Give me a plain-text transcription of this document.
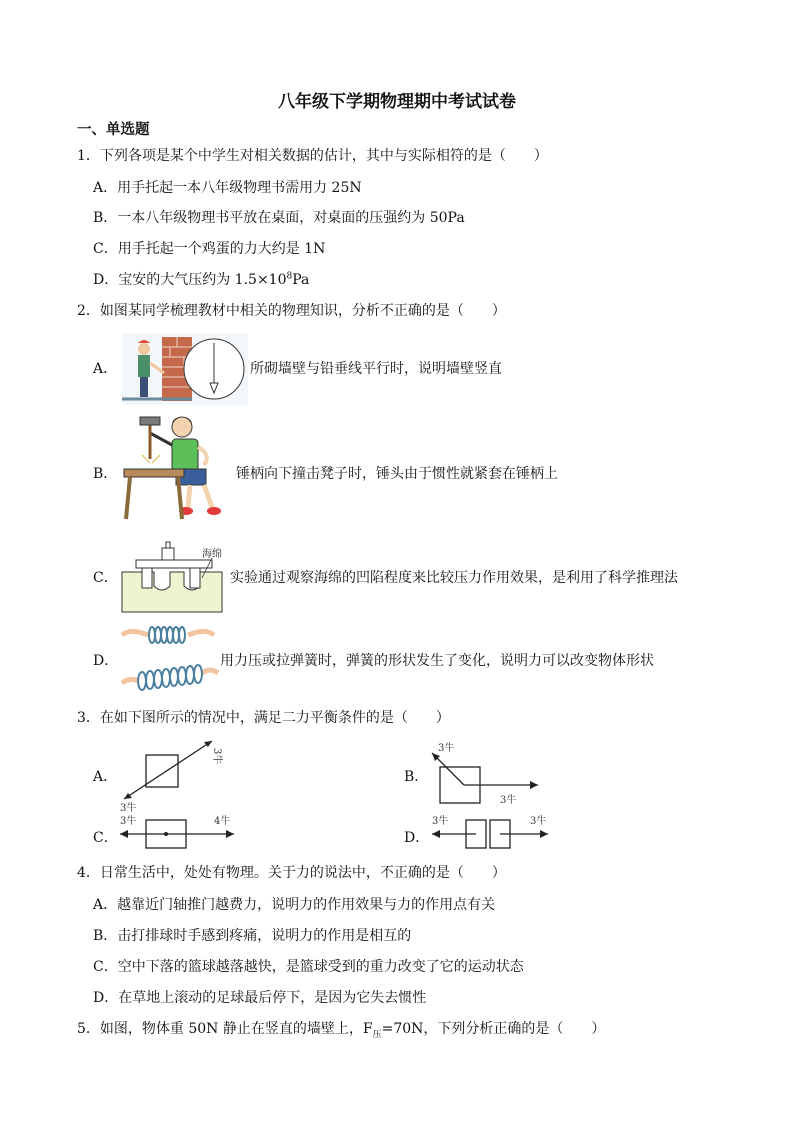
八年级下学期物理期中考试试卷
一、单选题
1．下列各项是某个中学生对相关数据的估计，其中与实际相符的是（　　）
A．用手托起一本八年级物理书需用力 25N
B．一本八年级物理书平放在桌面，对桌面的压强约为 50Pa
C．用手托起一个鸡蛋的力大约是 1N
D．宝安的大气压约为 $1.5\times 10^8Pa$
2．如图某同学梳理教材中相关的物理知识，分析不正确的是（　　）
A．	所砌墙壁与铅垂线平行时，说明墙壁竖直
B．	锤柄向下撞击凳子时，锤头由于惯性就紧套在锤柄上
C．
海绵
实验通过观察海绵的凹陷程度来比较压力作用效果，是利用了科学推理法
D．	用力压或拉弹簧时，弹簧的形状发生了变化，说明力可以改变物体形状
3．在如下图所示的情况中，满足二力平衡条件的是（　　）
A．
3牛
3牛
B．
3牛
3牛
C．
3牛	4牛
D．
3牛	3牛
4．日常生活中，处处有物理。关于力的说法中，不正确的是（　　）
A．越靠近门轴推门越费力，说明力的作用效果与力的作用点有关
B．击打排球时手感到疼痛，说明力的作用是相互的
C．空中下落的篮球越落越快，是篮球受到的重力改变了它的运动状态
D．在草地上滚动的足球最后停下，是因为它失去惯性
5．如图，物体重 50N 静止在竖直的墙壁上，$F_压=70N$，下列分析正确的是（　　）
